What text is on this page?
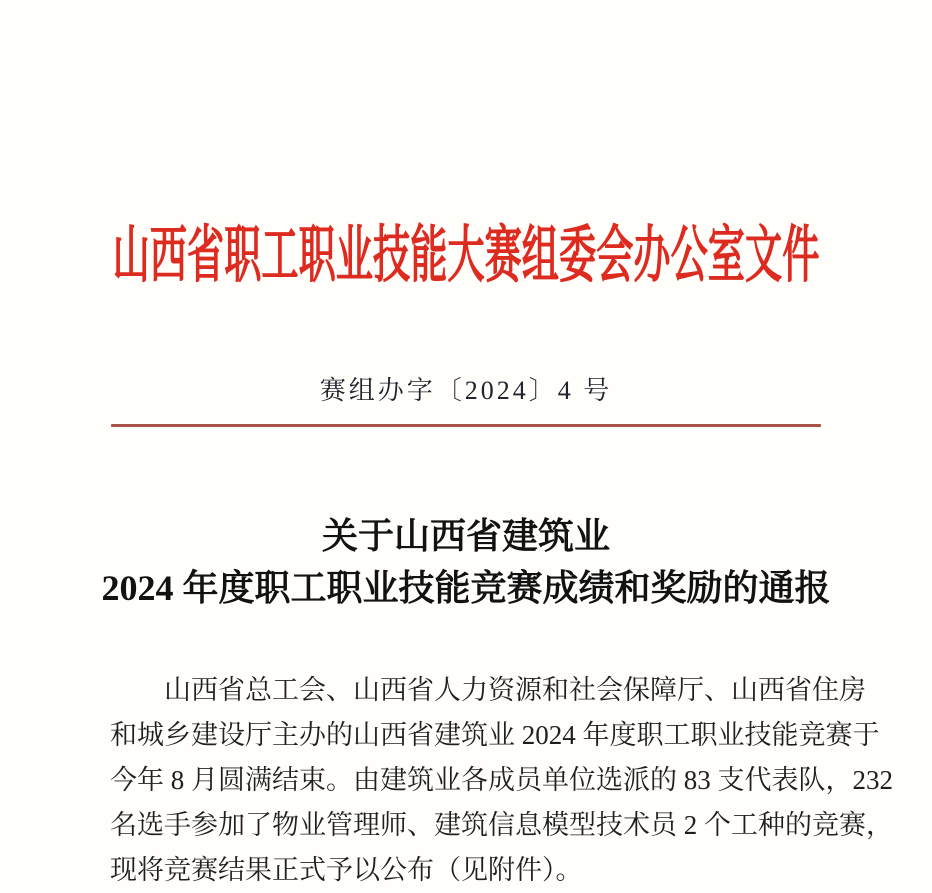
山西省职工职业技能大赛组委会办公室文件
赛组办字〔2024〕4 号
关于山西省建筑业
2024 年度职工职业技能竞赛成绩和奖励的通报
山西省总工会、山西省人力资源和社会保障厅、山西省住房
和城乡建设厅主办的山西省建筑业 2024 年度职工职业技能竞赛于
今年 8 月圆满结束。由建筑业各成员单位选派的 83 支代表队，232
名选手参加了物业管理师、建筑信息模型技术员 2 个工种的竞赛，
现将竞赛结果正式予以公布（见附件）。
